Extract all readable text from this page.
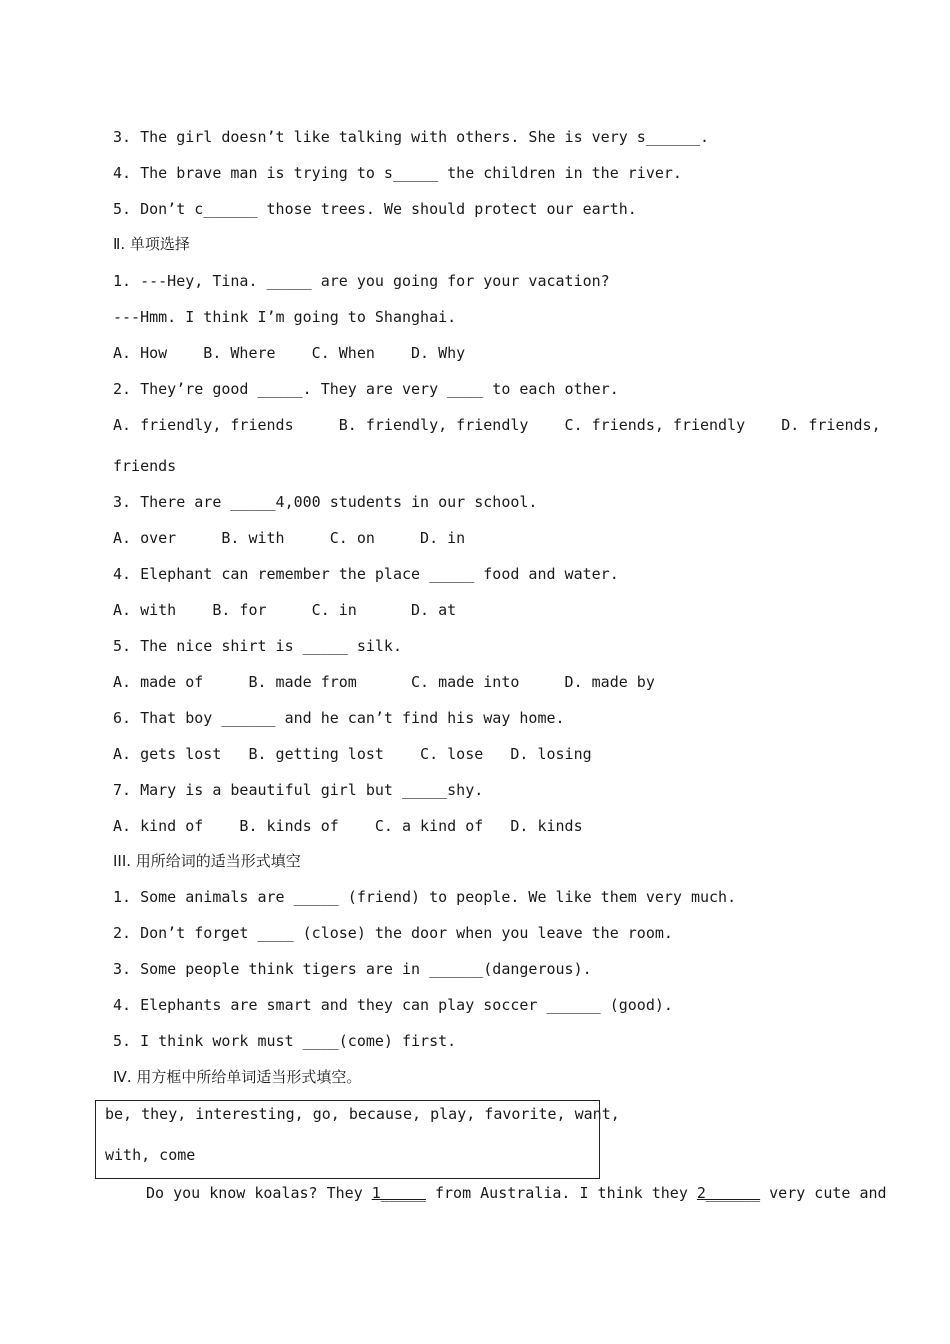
3. The girl doesn’t like talking with others. She is very s______.
4. The brave man is trying to s_____ the children in the river.
5. Don’t c______ those trees. We should protect our earth.
Ⅱ. 单项选择
1. ---Hey, Tina. _____ are you going for your vacation?
---Hmm. I think I’m going to Shanghai.
A. How    B. Where    C. When    D. Why
2. They’re good _____. They are very ____ to each other.
A. friendly, friends     B. friendly, friendly    C. friends, friendly    D. friends,
friends
3. There are _____4,000 students in our school.
A. over     B. with     C. on     D. in
4. Elephant can remember the place _____ food and water.
A. with    B. for     C. in      D. at
5. The nice shirt is _____ silk.
A. made of     B. made from      C. made into     D. made by
6. That boy ______ and he can’t find his way home.
A. gets lost   B. getting lost    C. lose   D. losing
7. Mary is a beautiful girl but _____shy.
A. kind of    B. kinds of    C. a kind of   D. kinds
III. 用所给词的适当形式填空
1. Some animals are _____ (friend) to people. We like them very much.
2. Don’t forget ____ (close) the door when you leave the room.
3. Some people think tigers are in ______(dangerous).
4. Elephants are smart and they can play soccer ______ (good).
5. I think work must ____(come) first.
Ⅳ. 用方框中所给单词适当形式填空。
be, they, interesting, go, because, play, favorite, want,
with, come
Do you know koalas? They 1_____ from Australia. I think they 2______ very cute and
